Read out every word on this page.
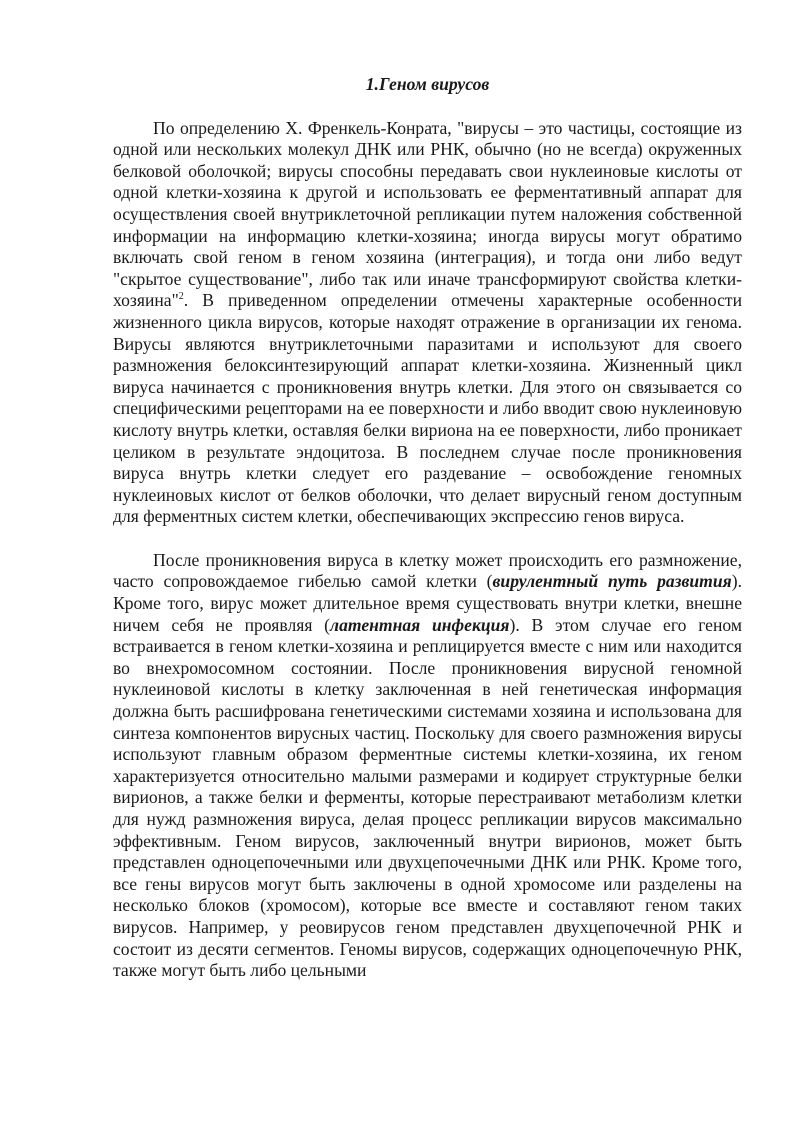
1.Геном вирусов

По определению Х. Френкель-Конрата, "вирусы – это частицы, состоящие из одной или нескольких молекул ДНК или РНК, обычно (но не всегда) окруженных белковой оболочкой; вирусы способны передавать свои нуклеиновые кислоты от одной клетки-хозяина к другой и использовать ее ферментативный аппарат для осуществления своей внутриклеточной репликации путем наложения собственной информации на информацию клетки-хозяина; иногда вирусы могут обратимо включать свой геном в геном хозяина (интеграция), и тогда они либо ведут "скрытое существование", либо так или иначе трансформируют свойства клетки-хозяина"$^2$. В приведенном определении отмечены характерные особенности жизненного цикла вирусов, которые находят отражение в организации их генома. Вирусы являются внутриклеточными паразитами и используют для своего размножения белоксинтезирующий аппарат клетки-хозяина. Жизненный цикл вируса начинается с проникновения внутрь клетки. Для этого он связывается со специфическими рецепторами на ее поверхности и либо вводит свою нуклеиновую кислоту внутрь клетки, оставляя белки вириона на ее поверхности, либо проникает целиком в результате эндоцитоза. В последнем случае после проникновения вируса внутрь клетки следует его раздевание – освобождение геномных нуклеиновых кислот от белков оболочки, что делает вирусный геном доступным для ферментных систем клетки, обеспечивающих экспрессию генов вируса.

После проникновения вируса в клетку может происходить его размножение, часто сопровождаемое гибелью самой клетки (вирулентный путь развития). Кроме того, вирус может длительное время существовать внутри клетки, внешне ничем себя не проявляя (латентная инфекция). В этом случае его геном встраивается в геном клетки-хозяина и реплицируется вместе с ним или находится во внехромосомном состоянии. После проникновения вирусной геномной нуклеиновой кислоты в клетку заключенная в ней генетическая информация должна быть расшифрована генетическими системами хозяина и использована для синтеза компонентов вирусных частиц. Поскольку для своего размножения вирусы используют главным образом ферментные системы клетки-хозяина, их геном характеризуется относительно малыми размерами и кодирует структурные белки вирионов, а также белки и ферменты, которые перестраивают метаболизм клетки для нужд размножения вируса, делая процесс репликации вирусов максимально эффективным. Геном вирусов, заключенный внутри вирионов, может быть представлен одноцепочечными или двухцепочечными ДНК или РНК. Кроме того, все гены вирусов могут быть заключены в одной хромосоме или разделены на несколько блоков (хромосом), которые все вместе и составляют геном таких вирусов. Например, у реовирусов геном представлен двухцепочечной РНК и состоит из десяти сегментов. Геномы вирусов, содержащих одноцепочечную РНК, также могут быть либо цельными
